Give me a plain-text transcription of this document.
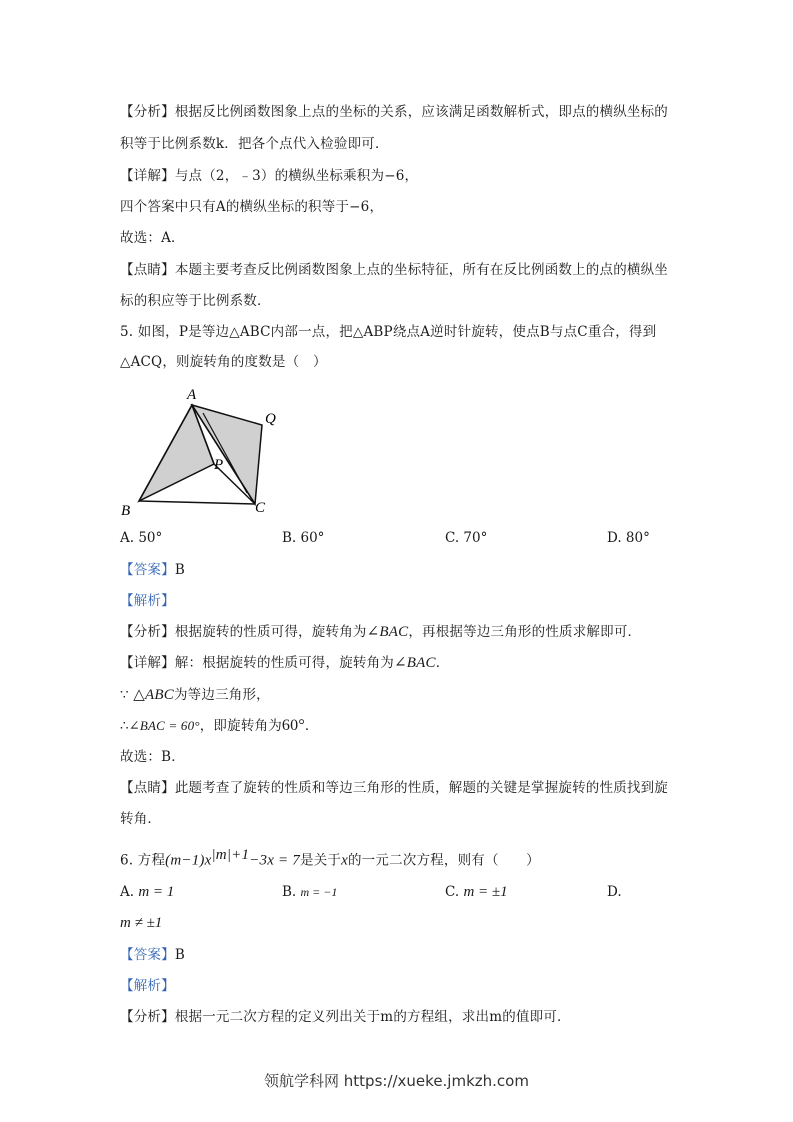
【分析】根据反比例函数图象上点的坐标的关系，应该满足函数解析式，即点的横纵坐标的
积等于比例系数k．把各个点代入检验即可．
【详解】与点（2，﹣3）的横纵坐标乘积为−6，
四个答案中只有A的横纵坐标的积等于−6，
故选：A．
【点睛】本题主要考查反比例函数图象上点的坐标特征，所有在反比例函数上的点的横纵坐
标的积应等于比例系数．
5. 如图，P是等边△ABC内部一点，把△ABP绕点A逆时针旋转，使点B与点C重合，得到
△ACQ，则旋转角的度数是（　）
A
Q
P
B	C
A. 50°	B. 60°	C. 70°	D. 80°
【答案】B
【解析】
【分析】根据旋转的性质可得，旋转角为∠BAC，再根据等边三角形的性质求解即可．
【详解】解：根据旋转的性质可得，旋转角为∠BAC．
∵ △ABC为等边三角形，
∴∠BAC = 60°，即旋转角为60°．
故选：B．
【点睛】此题考查了旋转的性质和等边三角形的性质，解题的关键是掌握旋转的性质找到旋
转角．
6. 方程$(m-1)x^{|m|+1}-3x = 7$是关于x的一元二次方程，则有（　　）
A. m = 1	B. m = −1	C. m = ±1	D.
m ≠ ±1
【答案】B
【解析】
【分析】根据一元二次方程的定义列出关于m的方程组，求出m的值即可．
领航学科网 https://xueke.jmkzh.com
